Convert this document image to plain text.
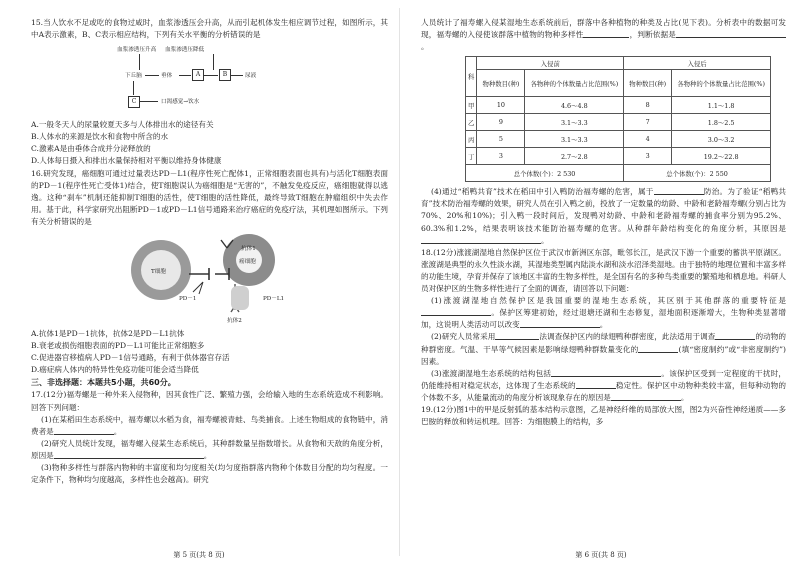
15.当人饮水不足或吃的食物过咸时，血浆渗透压会升高，从而引起机体发生相应调节过程，如图所示，其中A表示激素，B、C表示相应结构，下列有关水平衡的分析错误的是

血浆渗透压升高 血浆渗透压降低
下丘脑	垂体	A	B	尿液
C	口渴感觉→饮水

A.一般冬天人的尿量较夏天多与人体排出水的途径有关

B.人体水的来源是饮水和食物中所含的水

C.激素A是由垂体合成并分泌释放的

D.人体每日摄入和排出水量保持相对平衡以维持身体健康

16.研究发现，癌细胞可通过过量表达PD－L1(程序性死亡配体1，正常细胞表面也具有)与活化T细胞表面的PD－1(程序性死亡受体1)结合，使T细胞误认为癌细胞是“无害的”，不触发免疫反应，癌细胞就得以逃逸。这种“刹车”机制还能抑制T细胞的活性，使T细胞的活性降低，最终导致T细胞在肿瘤组织中失去作用。基于此，科学家研究出阻断PD－1或PD－L1信号通路来治疗癌症的免疫疗法，其机理如图所示。下列有关分析错误的是

抗体1
T细胞
癌细胞
PD－1	PD－L1
抗体2

A.抗体1是PD－1抗体，抗体2是PD－L1抗体

B.衰老或损伤细胞表面的PD－L1可能比正常细胞多

C.促进器官移植病人PD－1信号通路，有利于供体器官存活

D.癌症病人体内的特异性免疫功能可能会适当降低

三、非选择题：本题共5小题，共60分。

17.(12分)福寿螺是一种外来入侵物种，因其食性广泛、繁殖力强，会给输入地的生态系统造成不利影响。回答下列问题：

(1)在某稻田生态系统中，福寿螺以水稻为食，福寿螺被青蛙、鸟类捕食。上述生物组成的食物链中，消费者是	。

(2)研究人员统计发现，福寿螺入侵某生态系统后，其种群数量呈指数增长。从食物和天敌的角度分析，原因是	。

(3)物种多样性与群落内物种的丰富度和均匀度相关(均匀度指群落内物种个体数目分配的均匀程度。一定条件下，物种均匀度越高，多样性也会越高)。研究

第 5 页(共 8 页)

人员统计了福寿螺入侵某湿地生态系统前后，群落中各种植物的种类及占比(见下表)。分析表中的数据可发现，福寿螺的入侵使该群落中植物的物种多样性	，判断依据是。

科	入侵前		入侵后	
	物种数目(种)	各物种的个体数量占比范围(%)	物种数目(种)	各物种的个体数量占比范围(%)
甲	10	4.6～4.8	8	1.1～1.8
乙	9	3.1～3.3	7	1.8～2.5
丙	5	3.1～3.3	4	3.0～3.2
丁	3	2.7～2.8	3	19.2～22.8
总个体数(个)：2 530			总个体数(个)：2 550	

(4)通过“稻鸭共育”技术在稻田中引入鸭防治福寿螺的危害，属于	防治。为了验证“稻鸭共育”技术防治福寿螺的效果，研究人员在引入鸭之前，投放了一定数量的幼龄、中龄和老龄福寿螺(分别占比为70%、20%和10%)；引入鸭一段时间后，发现鸭对幼龄、中龄和老龄福寿螺的捕食率分别为95.2%、60.3%和1.2%，结果表明该技术能防治福寿螺的危害。从种群年龄结构变化的角度分析，其原因是。

18.(12分)涨渡湖湿地自然保护区位于武汉市新洲区东部，毗邻长江，是武汉下游一个重要的蓄洪平原湖区。涨渡湖是典型的永久性淡水湖，其湿地类型属内陆淡水湖和淡水沼泽类湿地。由于独特的地理位置和丰富多样的功能生境，孕育并保存了该地区丰富的生物多样性，是全国有名的多种鸟类重要的繁殖地和栖息地。科研人员对保护区的生物多样性进行了全面的调查，请回答以下问题：

(1)涨渡湖湿地自然保护区是我国重要的湿地生态系统，其区别于其他群落的重要特征是。保护区筹建初始，经过退塘还湖和生态修复，湿地面积逐渐增大，生物种类显著增加，这说明人类活动可以改变	。

(2)研究人员常采用	法调查保护区内的绿翅鸭种群密度，此法适用于调查	的动物的种群密度。气温、干旱等气候因素是影响绿翅鸭种群数量变化的	(填“密度制约”或“非密度制约”)因素。

(3)涨渡湖湿地生态系统的结构包括	。该保护区受到一定程度的干扰时，仍能维持相对稳定状态，这体现了生态系统的	稳定性。保护区中动物种类较丰富，但每种动物的个体数不多，从能量流动的角度分析该现象存在的原因是	。

19.(12分)图1中的甲是反射弧的基本结构示意图，乙是神经纤维的局部放大图，图2为兴奋性神经递质——多巴胺的释放和转运机理。回答：为细胞膜上的结构，多

第 6 页(共 8 页)
